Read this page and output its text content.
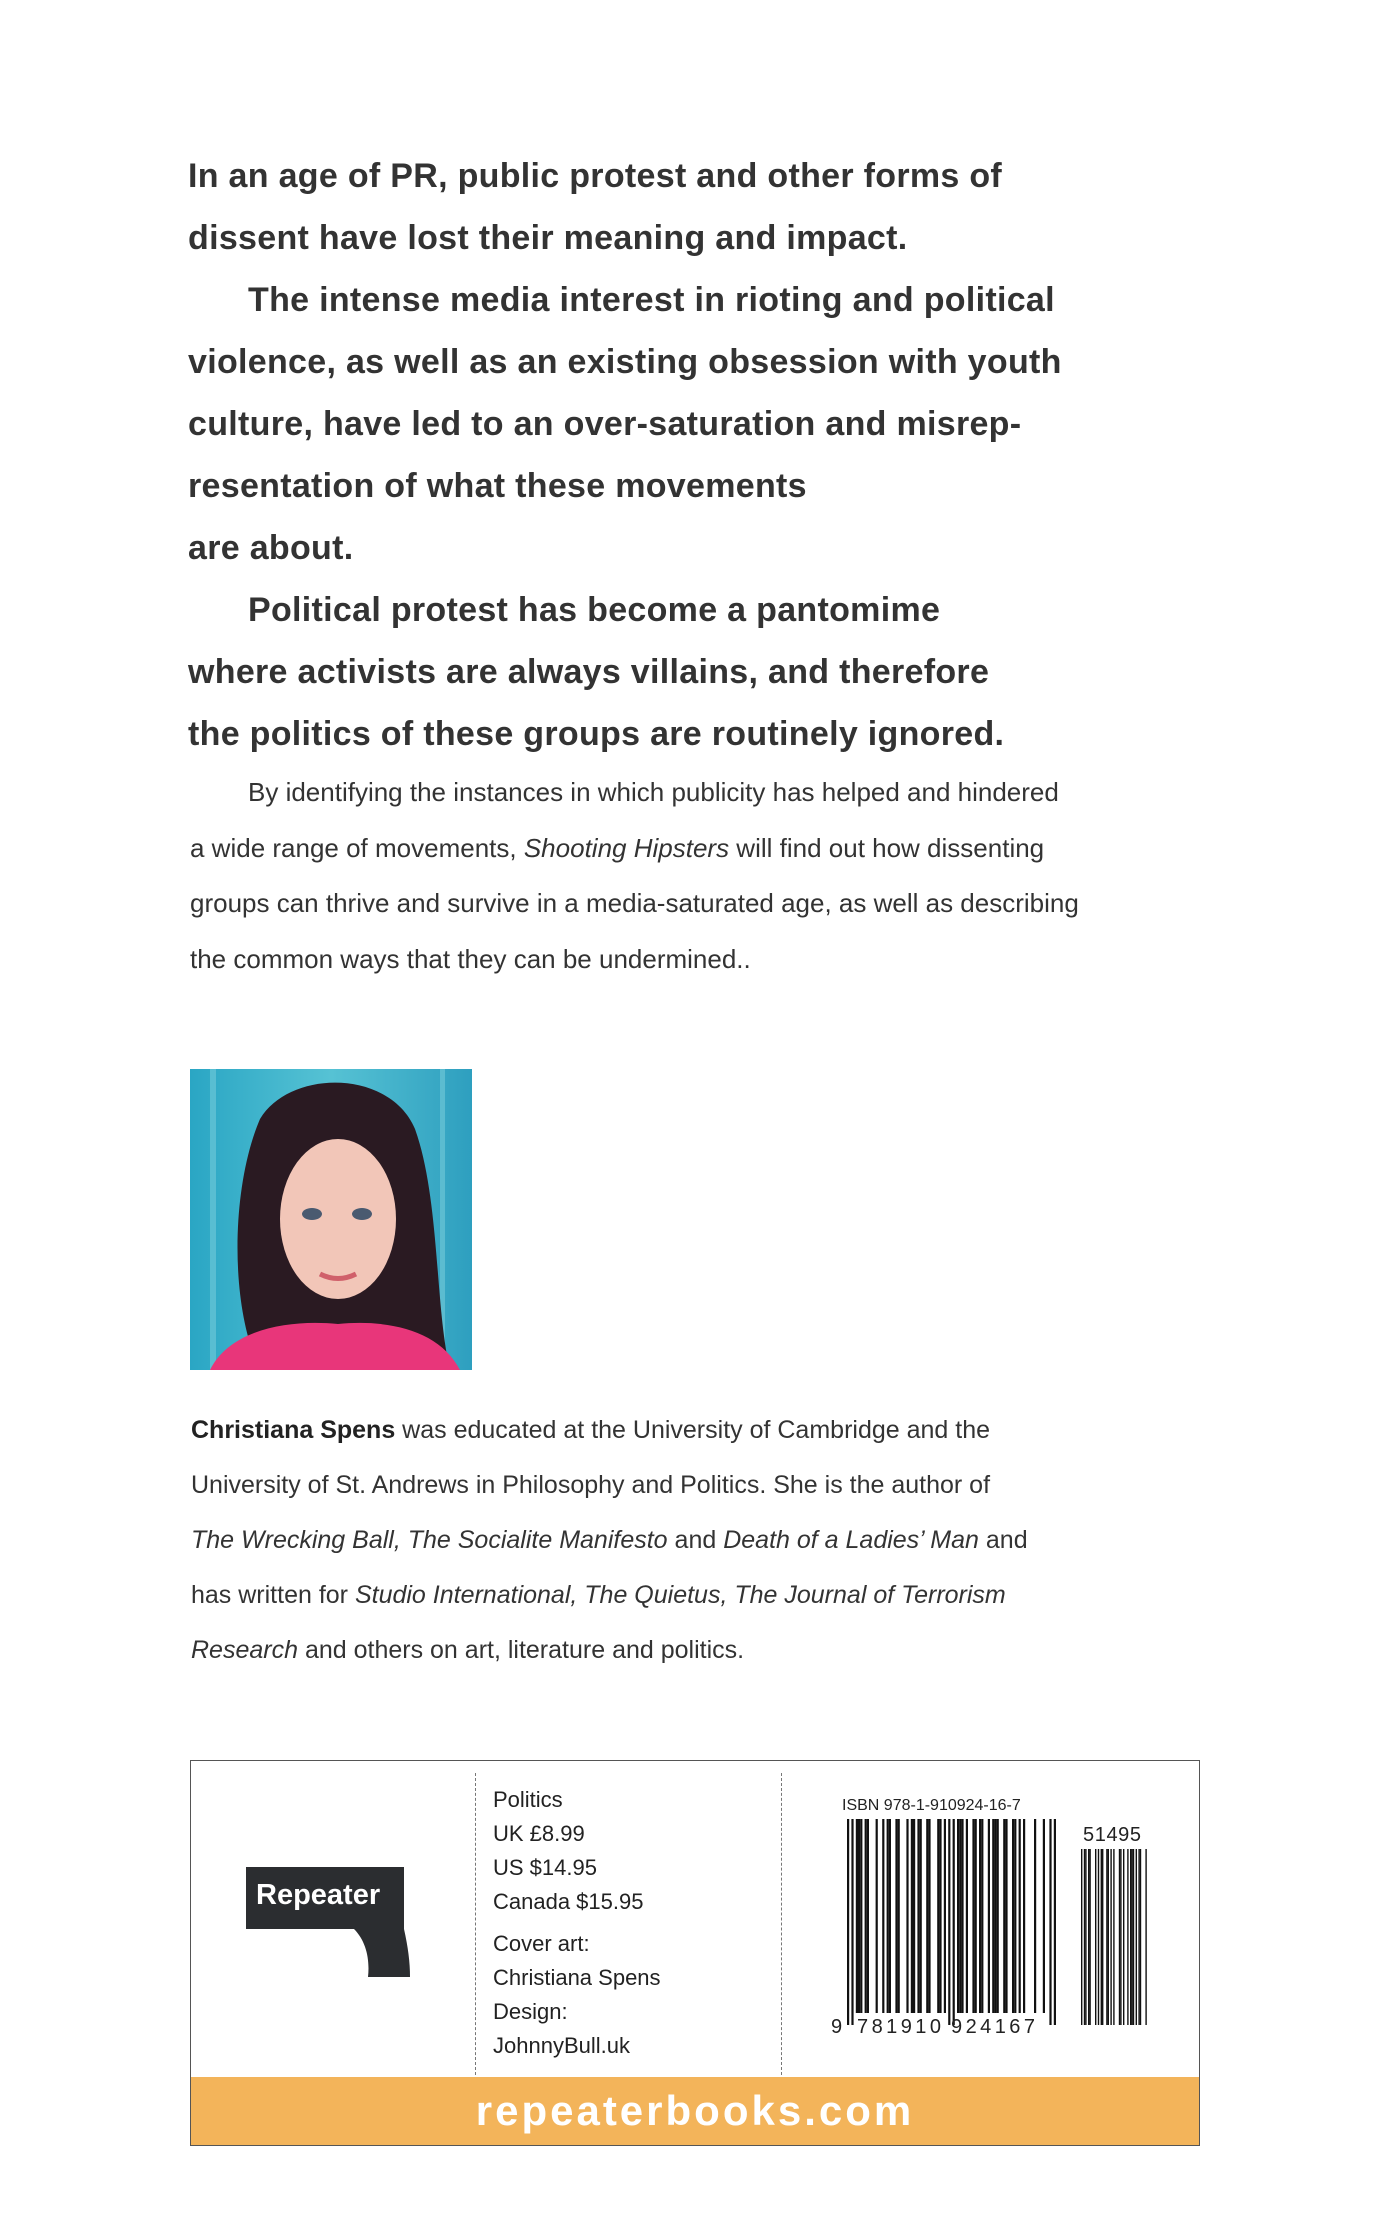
In an age of PR, public protest and other forms of
dissent have lost their meaning and impact.
The intense media interest in rioting and political
violence, as well as an existing obsession with youth
culture, have led to an over-saturation and misrep-
resentation of what these movements
are about.
Political protest has become a pantomime
where activists are always villains, and therefore
the politics of these groups are routinely ignored.
By identifying the instances in which publicity has helped and hindered
a wide range of movements, Shooting Hipsters will find out how dissenting
groups can thrive and survive in a media-saturated age, as well as describing
the common ways that they can be undermined..
Christiana Spens was educated at the University of Cambridge and the
University of St. Andrews in Philosophy and Politics. She is the author of
The Wrecking Ball, The Socialite Manifesto and Death of a Ladies’ Man and
has written for Studio International, The Quietus, The Journal of Terrorism
Research and others on art, literature and politics.
Repeater
Politics
UK £8.99
US $14.95
Canada $15.95
Cover art:
Christiana Spens
Design:
JohnnyBull.uk
ISBN 978-1-910924-16-7
9 781910 924167
51495
repeaterbooks.com
